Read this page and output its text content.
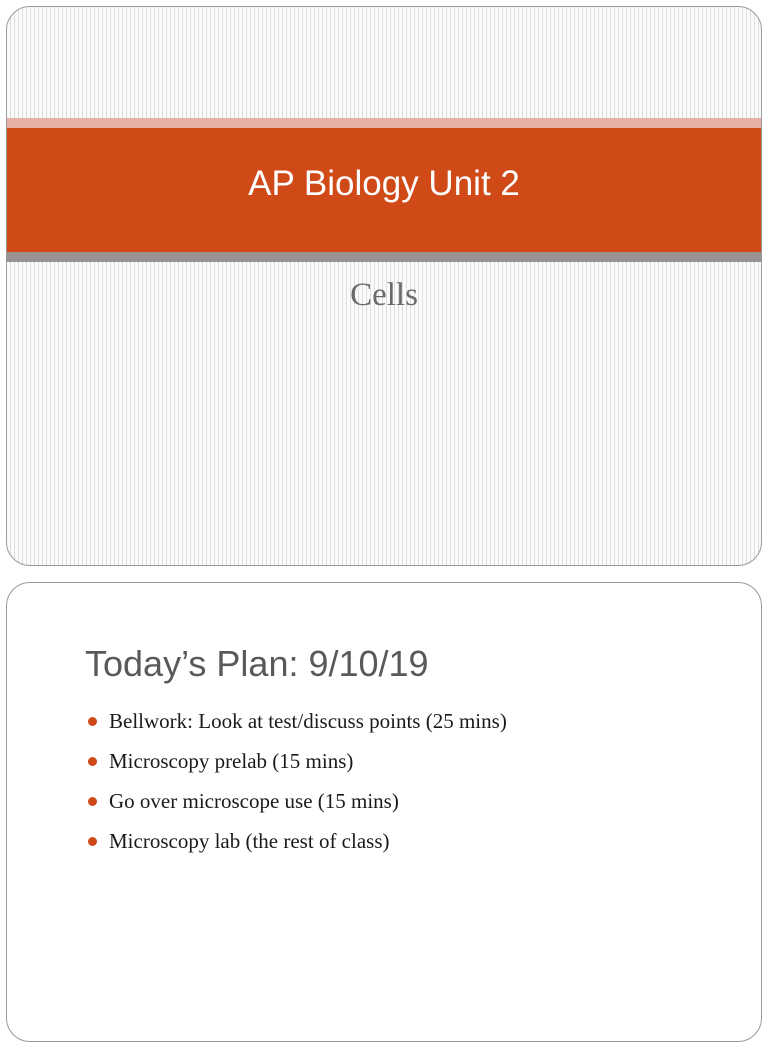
AP Biology Unit 2
Cells
Today’s Plan: 9/10/19
Bellwork: Look at test/discuss points (25 mins)
Microscopy prelab (15 mins)
Go over microscope use (15 mins)
Microscopy lab (the rest of class)
